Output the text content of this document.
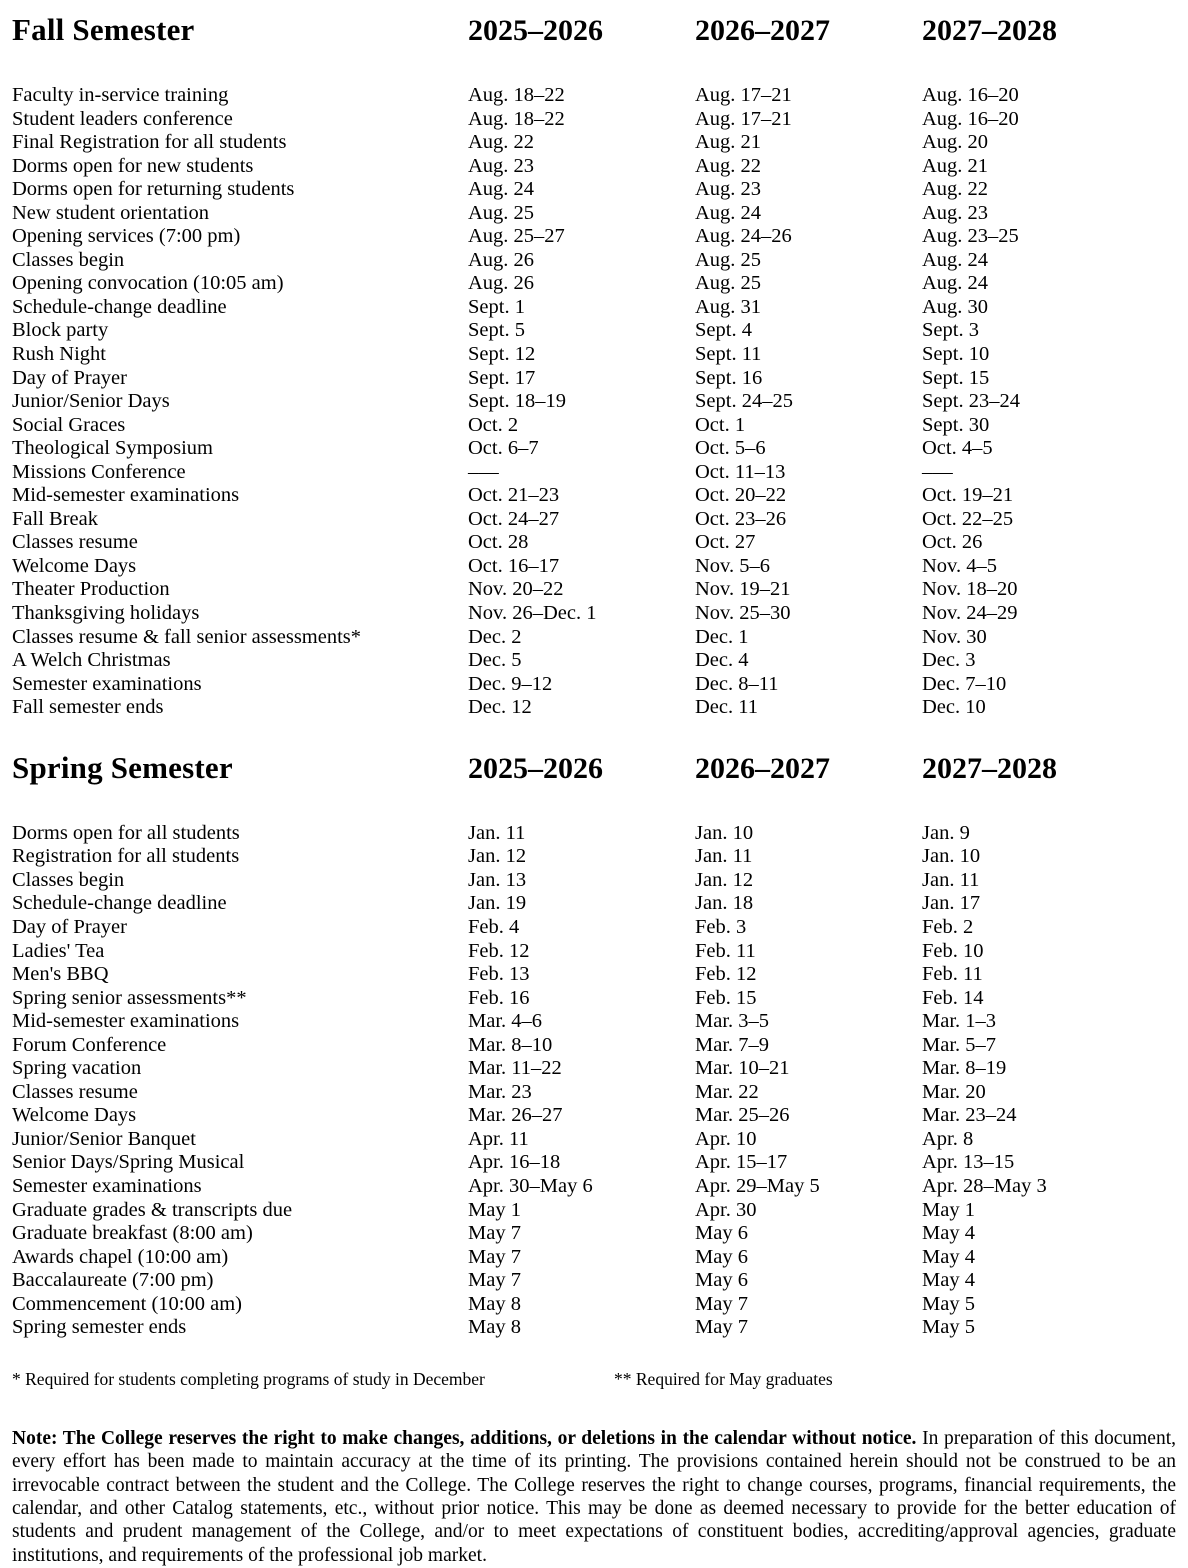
Fall Semester	2025–2026	2026–2027	2027–2028
Faculty in-service training	Aug. 18–22	Aug. 17–21	Aug. 16–20
Student leaders conference	Aug. 18–22	Aug. 17–21	Aug. 16–20
Final Registration for all students	Aug. 22	Aug. 21	Aug. 20
Dorms open for new students	Aug. 23	Aug. 22	Aug. 21
Dorms open for returning students	Aug. 24	Aug. 23	Aug. 22
New student orientation	Aug. 25	Aug. 24	Aug. 23
Opening services (7:00 pm)	Aug. 25–27	Aug. 24–26	Aug. 23–25
Classes begin	Aug. 26	Aug. 25	Aug. 24
Opening convocation (10:05 am)	Aug. 26	Aug. 25	Aug. 24
Schedule-change deadline	Sept. 1	Aug. 31	Aug. 30
Block party	Sept. 5	Sept. 4	Sept. 3
Rush Night	Sept. 12	Sept. 11	Sept. 10
Day of Prayer	Sept. 17	Sept. 16	Sept. 15
Junior/Senior Days	Sept. 18–19	Sept. 24–25	Sept. 23–24
Social Graces	Oct. 2	Oct. 1	Sept. 30
Theological Symposium	Oct. 6–7	Oct. 5–6	Oct. 4–5
Missions Conference	–––	Oct. 11–13	–––
Mid-semester examinations	Oct. 21–23	Oct. 20–22	Oct. 19–21
Fall Break	Oct. 24–27	Oct. 23–26	Oct. 22–25
Classes resume	Oct. 28	Oct. 27	Oct. 26
Welcome Days	Oct. 16–17	Nov. 5–6	Nov. 4–5
Theater Production	Nov. 20–22	Nov. 19–21	Nov. 18–20
Thanksgiving holidays	Nov. 26–Dec. 1	Nov. 25–30	Nov. 24–29
Classes resume & fall senior assessments*	Dec. 2	Dec. 1	Nov. 30
A Welch Christmas	Dec. 5	Dec. 4	Dec. 3
Semester examinations	Dec. 9–12	Dec. 8–11	Dec. 7–10
Fall semester ends	Dec. 12	Dec. 11	Dec. 10
Spring Semester	2025–2026	2026–2027	2027–2028
Dorms open for all students	Jan. 11	Jan. 10	Jan. 9
Registration for all students	Jan. 12	Jan. 11	Jan. 10
Classes begin	Jan. 13	Jan. 12	Jan. 11
Schedule-change deadline	Jan. 19	Jan. 18	Jan. 17
Day of Prayer	Feb. 4	Feb. 3	Feb. 2
Ladies' Tea	Feb. 12	Feb. 11	Feb. 10
Men's BBQ	Feb. 13	Feb. 12	Feb. 11
Spring senior assessments**	Feb. 16	Feb. 15	Feb. 14
Mid-semester examinations	Mar. 4–6	Mar. 3–5	Mar. 1–3
Forum Conference	Mar. 8–10	Mar. 7–9	Mar. 5–7
Spring vacation	Mar. 11–22	Mar. 10–21	Mar. 8–19
Classes resume	Mar. 23	Mar. 22	Mar. 20
Welcome Days	Mar. 26–27	Mar. 25–26	Mar. 23–24
Junior/Senior Banquet	Apr. 11	Apr. 10	Apr. 8
Senior Days/Spring Musical	Apr. 16–18	Apr. 15–17	Apr. 13–15
Semester examinations	Apr. 30–May 6	Apr. 29–May 5	Apr. 28–May 3
Graduate grades & transcripts due	May 1	Apr. 30	May 1
Graduate breakfast (8:00 am)	May 7	May 6	May 4
Awards chapel (10:00 am)	May 7	May 6	May 4
Baccalaureate (7:00 pm)	May 7	May 6	May 4
Commencement (10:00 am)	May 8	May 7	May 5
Spring semester ends	May 8	May 7	May 5
* Required for students completing programs of study in December	** Required for May graduates
Note: The College reserves the right to make changes, additions, or deletions in the calendar without notice. In preparation of this document, every effort has been made to maintain accuracy at the time of its printing. The provisions contained herein should not be construed to be an irrevocable contract between the student and the College. The College reserves the right to change courses, programs, financial requirements, the calendar, and other Catalog statements, etc., without prior notice. This may be done as deemed necessary to provide for the better education of students and prudent management of the College, and/or to meet expectations of constituent bodies, accrediting/approval agencies, graduate institutions, and requirements of the professional job market.
